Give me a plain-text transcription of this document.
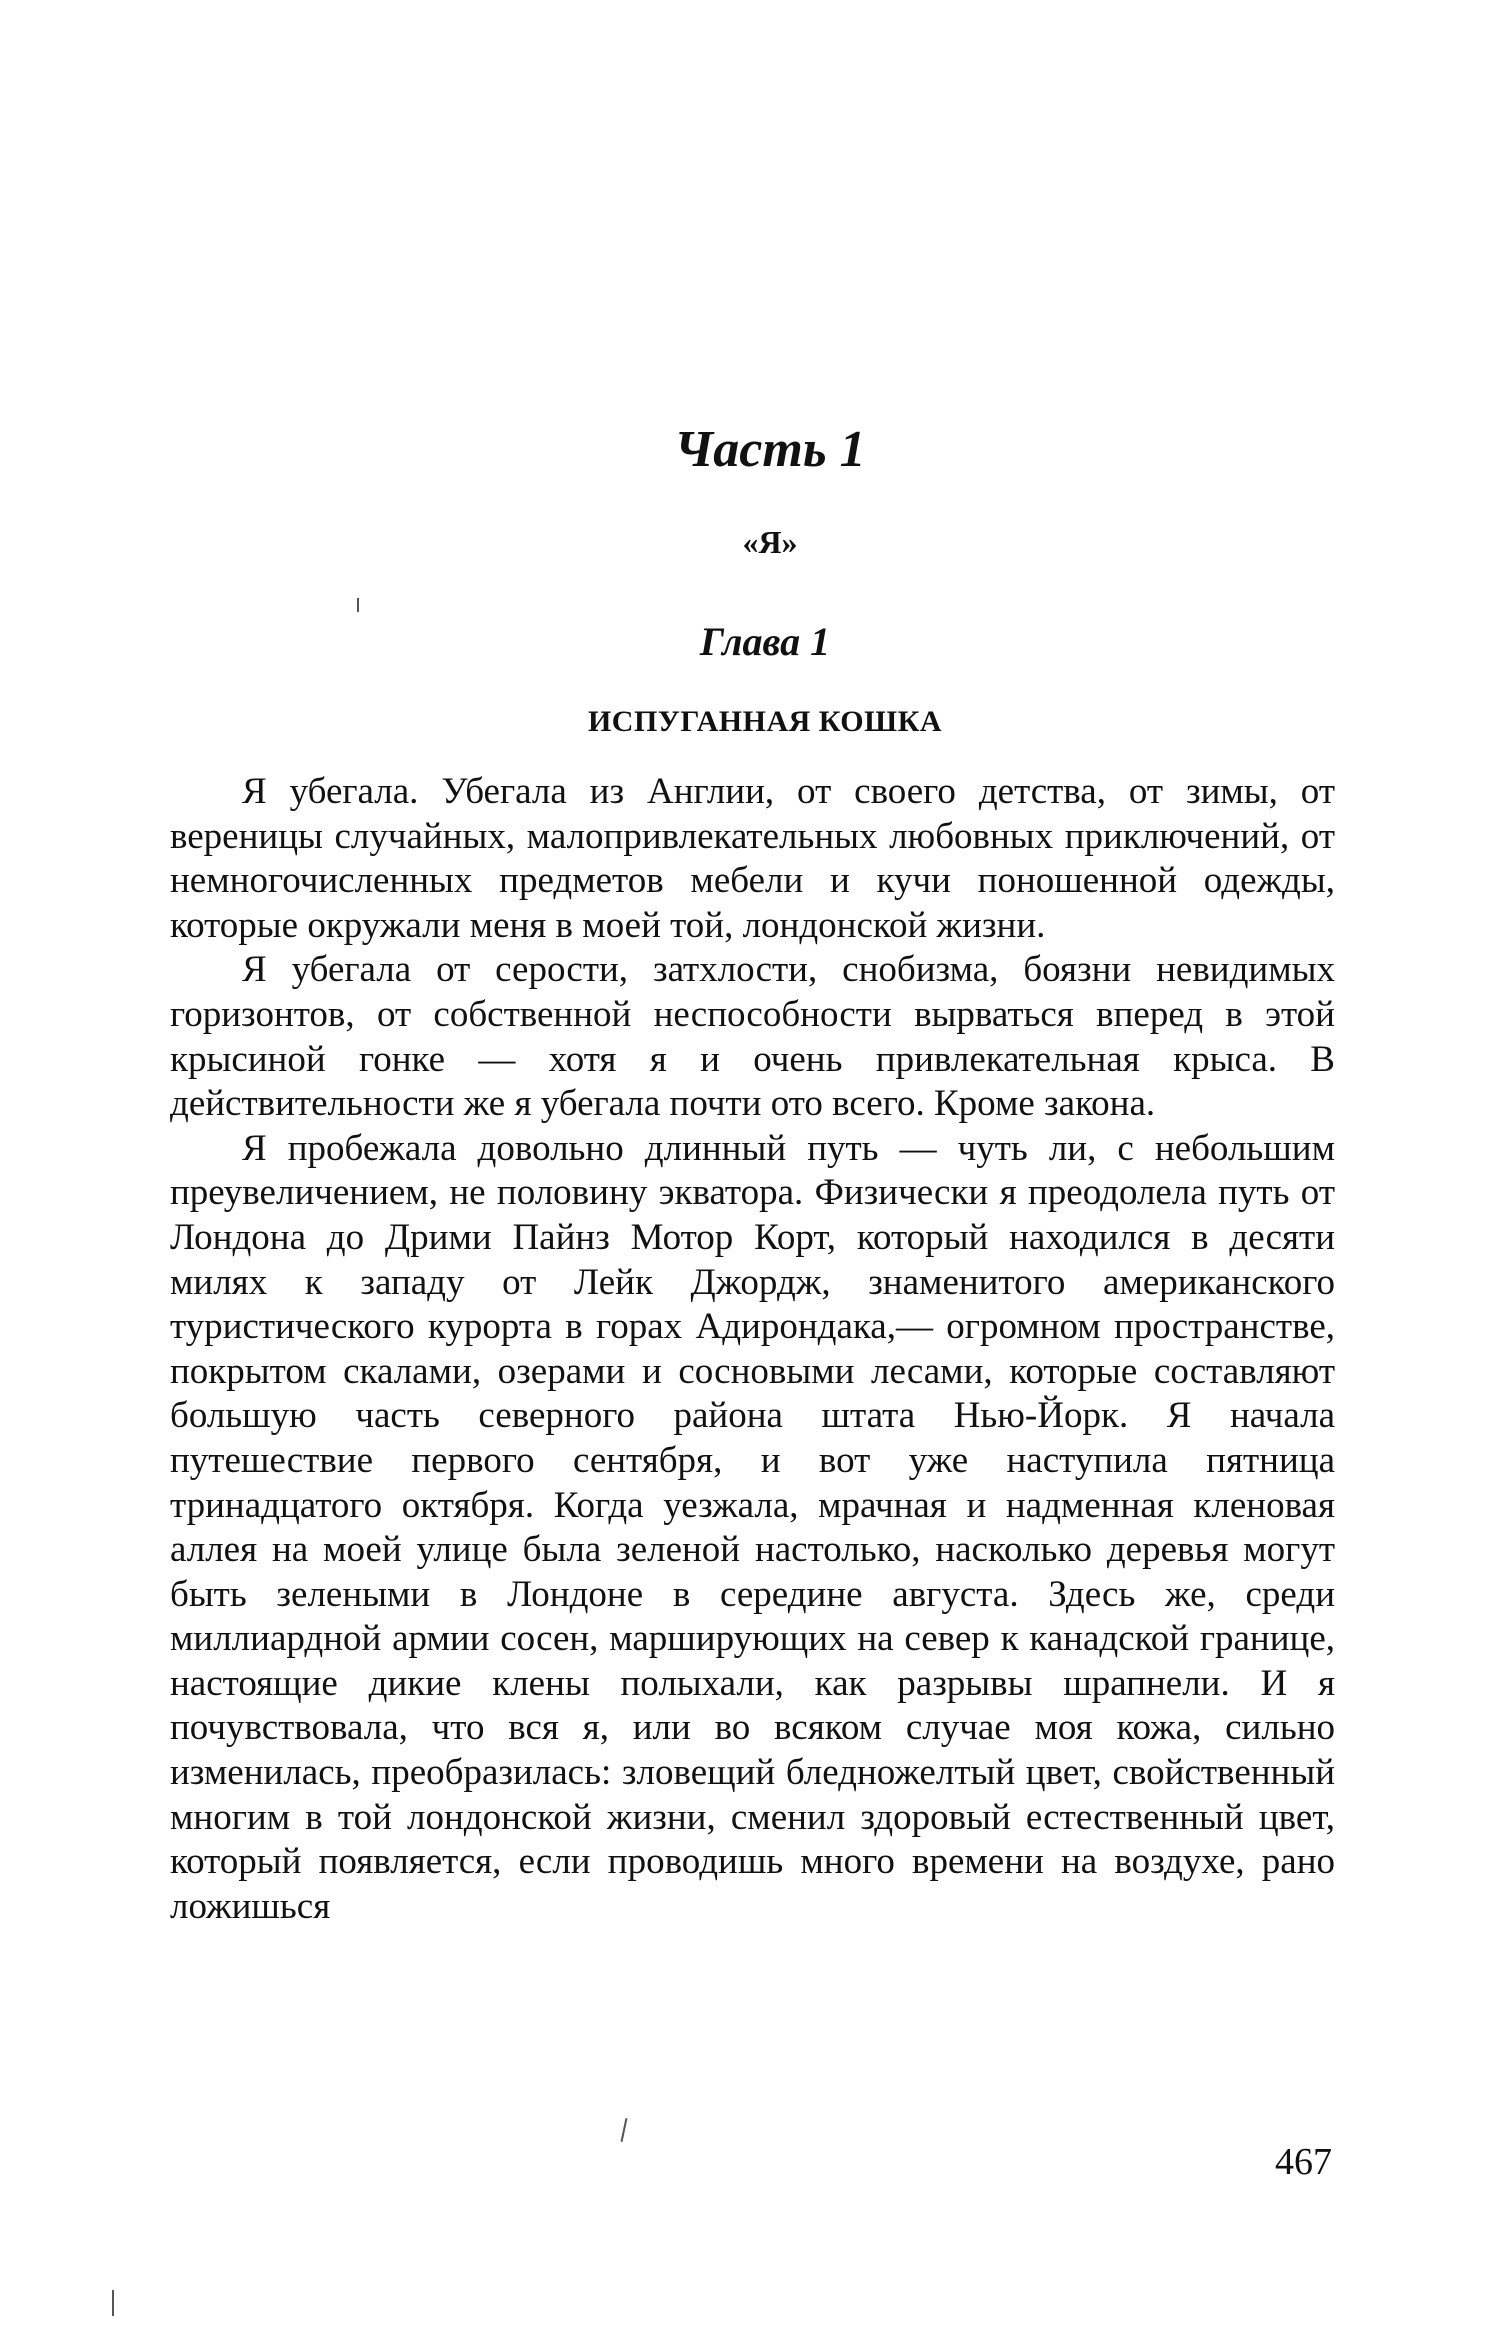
Часть 1
«Я»
Глава 1
ИСПУГАННАЯ КОШКА

Я убегала. Убегала из Англии, от своего детства, от зимы, от вереницы случайных, малопривлекательных любовных приключений, от немногочисленных предметов мебели и кучи поношенной одежды, которые окружали меня в моей той, лондонской жизни.

Я убегала от серости, затхлости, снобизма, боязни невидимых горизонтов, от собственной неспособности вырваться вперед в этой крысиной гонке — хотя я и очень привлекательная крыса. В действительности же я убегала почти ото всего. Кроме закона.

Я пробежала довольно длинный путь — чуть ли, с небольшим преувеличением, не половину экватора. Физически я преодолела путь от Лондона до Дрими Пайнз Мотор Корт, который находился в десяти милях к западу от Лейк Джордж, знаменитого американского туристического курорта в горах Адирондака,— огромном пространстве, покрытом скалами, озерами и сосновыми лесами, которые составляют большую часть северного района штата Нью-Йорк. Я начала путешествие первого сентября, и вот уже наступила пятница тринадцатого октября. Когда уезжала, мрачная и надменная кленовая аллея на моей улице была зеленой настолько, насколько деревья могут быть зелеными в Лондоне в середине августа. Здесь же, среди миллиардной армии сосен, марширующих на север к канадской границе, настоящие дикие клены полыхали, как разрывы шрапнели. И я почувствовала, что вся я, или во всяком случае моя кожа, сильно изменилась, преобразилась: зловещий бледножелтый цвет, свойственный многим в той лондонской жизни, сменил здоровый естественный цвет, который появляется, если проводишь много времени на воздухе, рано ложишься

467
